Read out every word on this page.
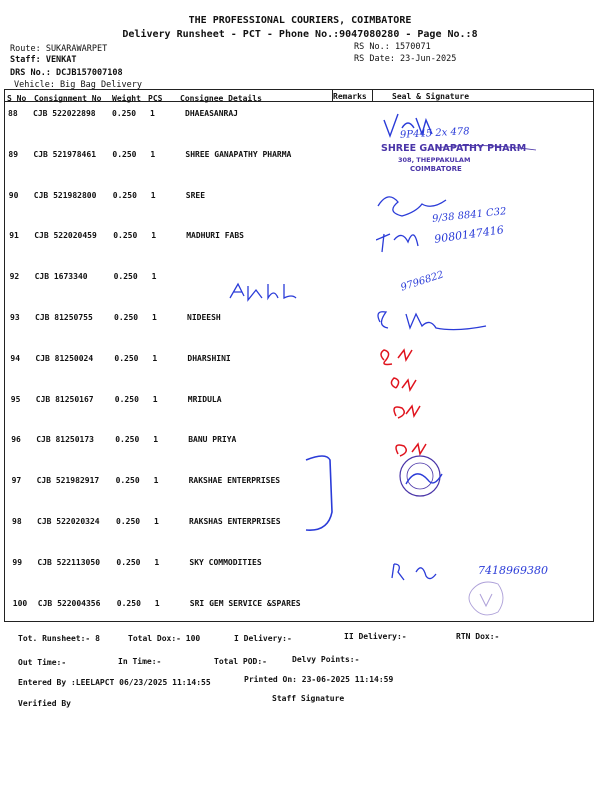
THE PROFESSIONAL COURIERS, COIMBATORE
Delivery Runsheet - PCT - Phone No.:9047080280 - Page No.:8
Route: SUKARAWARPET
Staff: VENKAT
DRS No.: DCJB157007108
Vehicle: Big Bag Delivery
RS No.: 1570071
RS Date: 23-Jun-2025
S No Consignment No Weight PCS Consignee Details	Remarks	Seal & Signature
88 CJB 522022898 0.250 1	DHAEASANRAJ
89 CJB 521978461 0.250 1	SHREE GANAPATHY PHARMA
90 CJB 521982800 0.250 1	SREE
91 CJB 522020459 0.250 1	MADHURI FABS
92 CJB 1673340	0.250 1
93 CJB 81250755	0.250 1	NIDEESH
94 CJB 81250024	0.250 1	DHARSHINI
95 CJB 81250167	0.250 1	MRIDULA
96 CJB 81250173	0.250 1	BANU PRIYA
97 CJB 521982917 0.250 1	RAKSHAE ENTERPRISES
98 CJB 522020324 0.250 1	RAKSHAS ENTERPRISES
99 CJB 522113050 0.250 1	SKY COMMODITIES
100 CJB 522004356 0.250 1	SRI GEM SERVICE &SPARES
9P445 2x 478
SHREE GANAPATHY PHARM
308, THEPPAKULAM
COIMBATORE
9/38 8841 C32
9080147416
9796822
7418969380
Tot. Runsheet:- 8	Total Dox:- 100	I Delivery:-	II Delivery:-	RTN Dox:-
Out Time:-	In Time:-	Total POD:-	Delvy Points:-
Entered By :LEELAPCT 06/23/2025 11:14:55	Printed On: 23-06-2025 11:14:59
Verified By
Staff Signature
